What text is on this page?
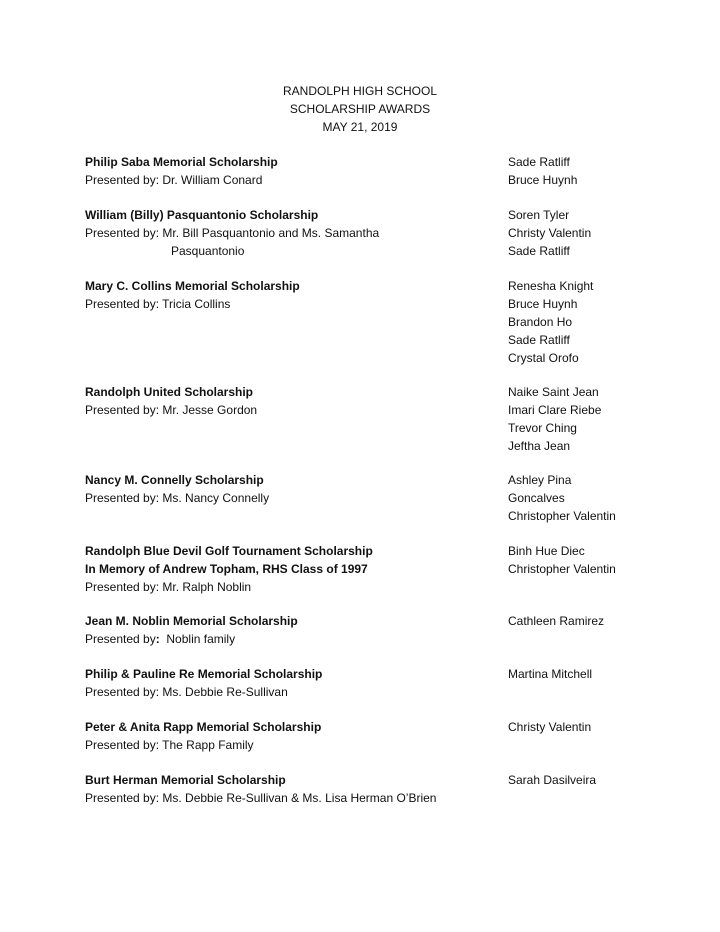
RANDOLPH HIGH SCHOOL
SCHOLARSHIP AWARDS
MAY 21, 2019
Philip Saba Memorial Scholarship
Presented by: Dr. William Conard
Sade Ratliff
Bruce Huynh
William (Billy) Pasquantonio Scholarship
Presented by: Mr. Bill Pasquantonio and Ms. Samantha
Pasquantonio
Soren Tyler
Christy Valentin
Sade Ratliff
Mary C. Collins Memorial Scholarship
Presented by: Tricia Collins
Renesha Knight
Bruce Huynh
Brandon Ho
Sade Ratliff
Crystal Orofo
Randolph United Scholarship
Presented by: Mr. Jesse Gordon
Naike Saint Jean
Imari Clare Riebe
Trevor Ching
Jeftha Jean
Nancy M. Connelly Scholarship
Presented by: Ms. Nancy Connelly
Ashley Pina
Goncalves
Christopher Valentin
Randolph Blue Devil Golf Tournament Scholarship
In Memory of Andrew Topham, RHS Class of 1997
Presented by: Mr. Ralph Noblin
Binh Hue Diec
Christopher Valentin
Jean M. Noblin Memorial Scholarship
Presented by:  Noblin family
Cathleen Ramirez
Philip & Pauline Re Memorial Scholarship
Presented by: Ms. Debbie Re-Sullivan
Martina Mitchell
Peter & Anita Rapp Memorial Scholarship
Presented by: The Rapp Family
Christy Valentin
Burt Herman Memorial Scholarship
Presented by: Ms. Debbie Re-Sullivan & Ms. Lisa Herman O’Brien
Sarah Dasilveira
